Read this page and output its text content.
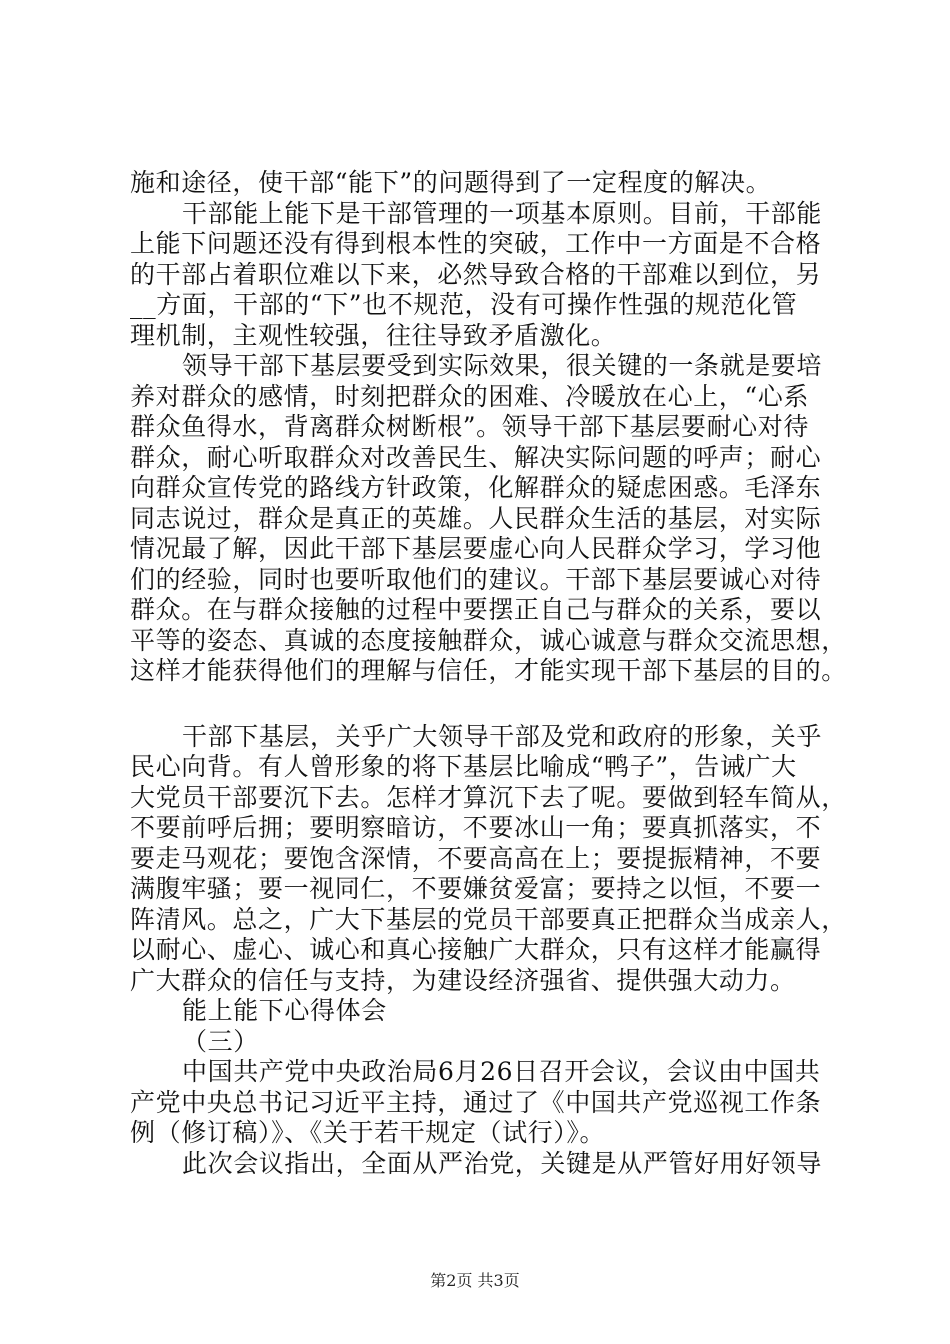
施和途径，使干部“能下”的问题得到了一定程度的解决。
干部能上能下是干部管理的一项基本原则。目前，干部能
上能下问题还没有得到根本性的突破，工作中一方面是不合格
的干部占着职位难以下来，必然导致合格的干部难以到位，另
__方面，干部的“下”也不规范，没有可操作性强的规范化管
理机制，主观性较强，往往导致矛盾激化。
领导干部下基层要受到实际效果，很关键的一条就是要培
养对群众的感情，时刻把群众的困难、冷暖放在心上，“心系
群众鱼得水，背离群众树断根”。领导干部下基层要耐心对待
群众，耐心听取群众对改善民生、解决实际问题的呼声；耐心
向群众宣传党的路线方针政策，化解群众的疑虑困惑。毛泽东
同志说过，群众是真正的英雄。人民群众生活的基层，对实际
情况最了解，因此干部下基层要虚心向人民群众学习，学习他
们的经验，同时也要听取他们的建议。干部下基层要诚心对待
群众。在与群众接触的过程中要摆正自己与群众的关系，要以
平等的姿态、真诚的态度接触群众，诚心诚意与群众交流思想，
这样才能获得他们的理解与信任，才能实现干部下基层的目的。
干部下基层，关乎广大领导干部及党和政府的形象，关乎
民心向背。有人曾形象的将下基层比喻成“鸭子”，告诫广大
大党员干部要沉下去。怎样才算沉下去了呢。要做到轻车简从，
不要前呼后拥；要明察暗访，不要冰山一角；要真抓落实，不
要走马观花；要饱含深情，不要高高在上；要提振精神，不要
满腹牢骚；要一视同仁，不要嫌贫爱富；要持之以恒，不要一
阵清风。总之，广大下基层的党员干部要真正把群众当成亲人，
以耐心、虚心、诚心和真心接触广大群众，只有这样才能赢得
广大群众的信任与支持，为建设经济强省、提供强大动力。
能上能下心得体会
（三）
中国共产党中央政治局6月26日召开会议，会议由中国共
产党中央总书记习近平主持，通过了《中国共产党巡视工作条
例（修订稿）》、《关于若干规定（试行）》。
此次会议指出，全面从严治党，关键是从严管好用好领导
第2页 共3页
